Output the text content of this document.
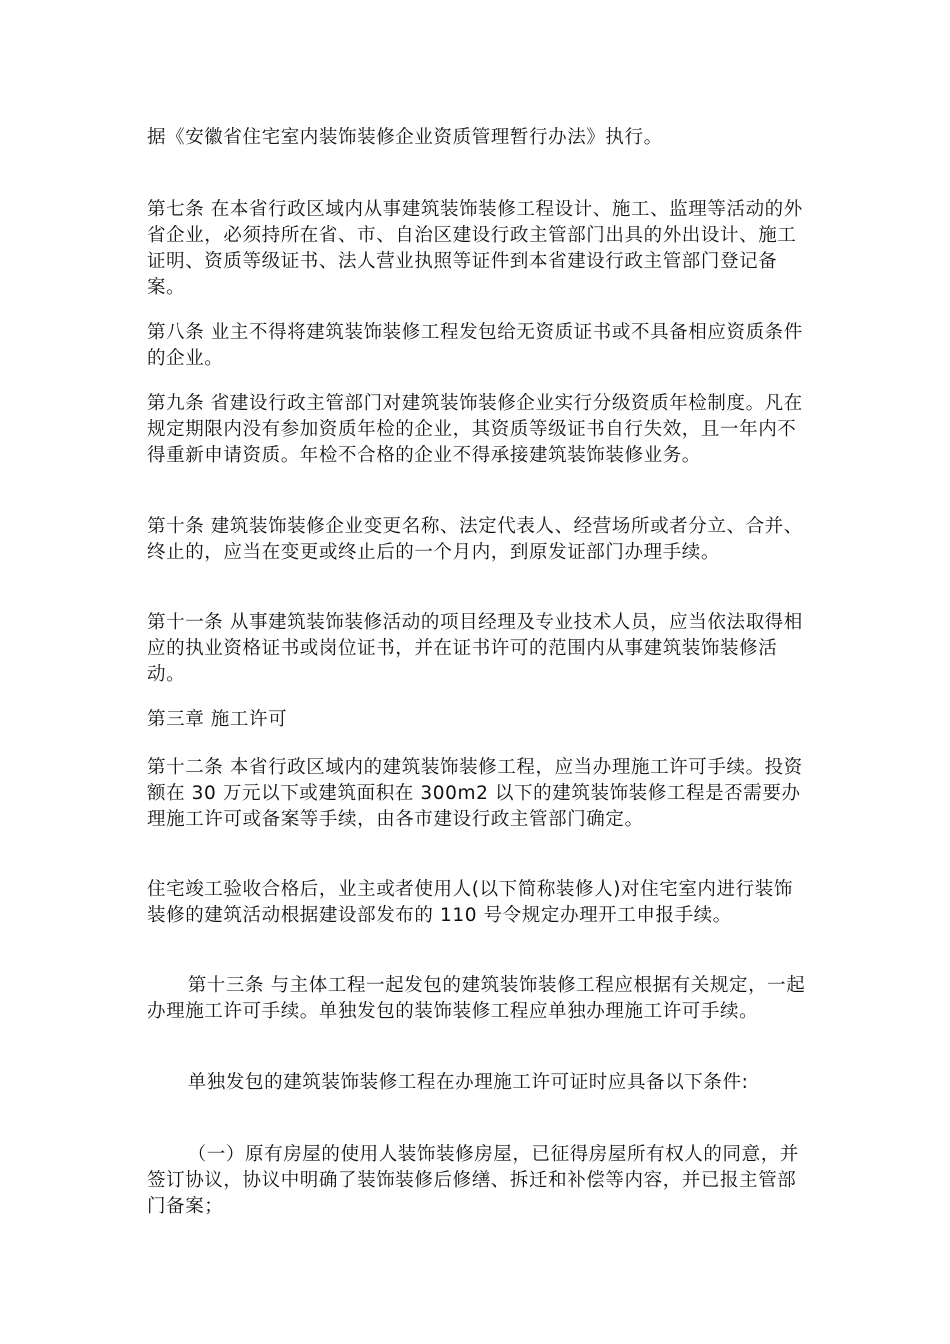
据《安徽省住宅室内装饰装修企业资质管理暂行办法》执行。

第七条 在本省行政区域内从事建筑装饰装修工程设计、施工、监理等活动的外省企业，必须持所在省、市、自治区建设行政主管部门出具的外出设计、施工证明、资质等级证书、法人营业执照等证件到本省建设行政主管部门登记备案。

第八条 业主不得将建筑装饰装修工程发包给无资质证书或不具备相应资质条件的企业。

第九条 省建设行政主管部门对建筑装饰装修企业实行分级资质年检制度。凡在规定期限内没有参加资质年检的企业，其资质等级证书自行失效，且一年内不得重新申请资质。年检不合格的企业不得承接建筑装饰装修业务。

第十条 建筑装饰装修企业变更名称、法定代表人、经营场所或者分立、合并、终止的，应当在变更或终止后的一个月内，到原发证部门办理手续。

第十一条 从事建筑装饰装修活动的项目经理及专业技术人员，应当依法取得相应的执业资格证书或岗位证书，并在证书许可的范围内从事建筑装饰装修活动。

第三章 施工许可

第十二条 本省行政区域内的建筑装饰装修工程，应当办理施工许可手续。投资额在 30 万元以下或建筑面积在 300m2 以下的建筑装饰装修工程是否需要办理施工许可或备案等手续，由各市建设行政主管部门确定。

住宅竣工验收合格后，业主或者使用人(以下简称装修人)对住宅室内进行装饰装修的建筑活动根据建设部发布的 110 号令规定办理开工申报手续。

第十三条 与主体工程一起发包的建筑装饰装修工程应根据有关规定，一起办理施工许可手续。单独发包的装饰装修工程应单独办理施工许可手续。

单独发包的建筑装饰装修工程在办理施工许可证时应具备以下条件:

（一）原有房屋的使用人装饰装修房屋，已征得房屋所有权人的同意，并签订协议，协议中明确了装饰装修后修缮、拆迁和补偿等内容，并已报主管部门备案；
